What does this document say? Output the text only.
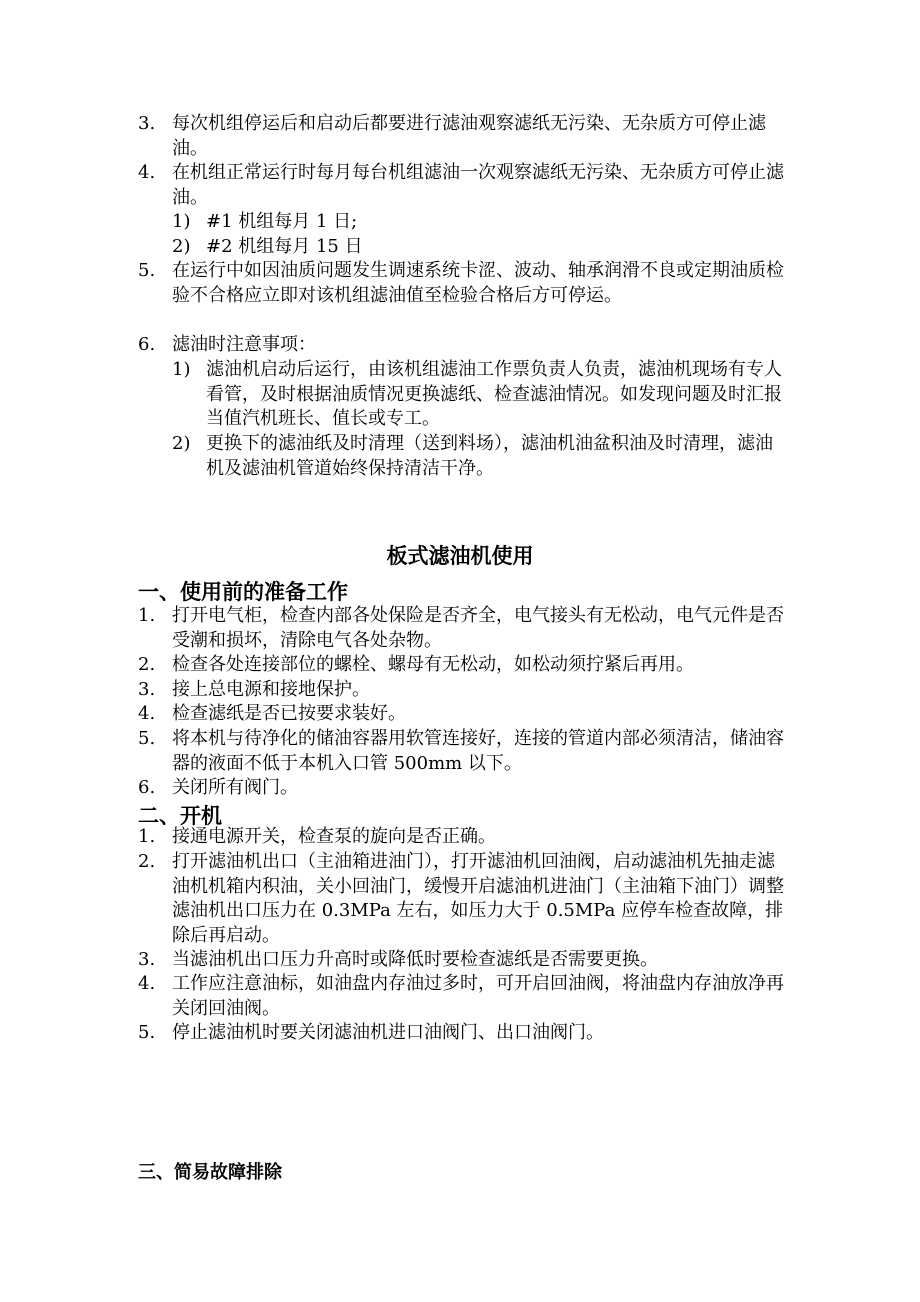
3. 每次机组停运后和启动后都要进行滤油观察滤纸无污染、无杂质方可停止滤油。
4. 在机组正常运行时每月每台机组滤油一次观察滤纸无污染、无杂质方可停止滤油。
1) #1 机组每月 1 日;
2) #2 机组每月 15 日
5. 在运行中如因油质问题发生调速系统卡涩、波动、轴承润滑不良或定期油质检验不合格应立即对该机组滤油值至检验合格后方可停运。
6. 滤油时注意事项：
1) 滤油机启动后运行，由该机组滤油工作票负责人负责，滤油机现场有专人看管，及时根据油质情况更换滤纸、检查滤油情况。如发现问题及时汇报当值汽机班长、值长或专工。
2) 更换下的滤油纸及时清理（送到料场），滤油机油盆积油及时清理，滤油机及滤油机管道始终保持清洁干净。
板式滤油机使用
一、使用前的准备工作
1. 打开电气柜，检查内部各处保险是否齐全，电气接头有无松动，电气元件是否受潮和损坏，清除电气各处杂物。
2. 检查各处连接部位的螺栓、螺母有无松动，如松动须拧紧后再用。
3. 接上总电源和接地保护。
4. 检查滤纸是否已按要求装好。
5. 将本机与待净化的储油容器用软管连接好，连接的管道内部必须清洁，储油容器的液面不低于本机入口管 500mm 以下。
6. 关闭所有阀门。
二、开机
1. 接通电源开关，检查泵的旋向是否正确。
2. 打开滤油机出口（主油箱进油门），打开滤油机回油阀，启动滤油机先抽走滤油机机箱内积油，关小回油门，缓慢开启滤油机进油门（主油箱下油门）调整滤油机出口压力在 0.3MPa 左右，如压力大于 0.5MPa 应停车检查故障，排除后再启动。
3. 当滤油机出口压力升高时或降低时要检查滤纸是否需要更换。
4. 工作应注意油标，如油盘内存油过多时，可开启回油阀，将油盘内存油放净再关闭回油阀。
5. 停止滤油机时要关闭滤油机进口油阀门、出口油阀门。
三、简易故障排除
